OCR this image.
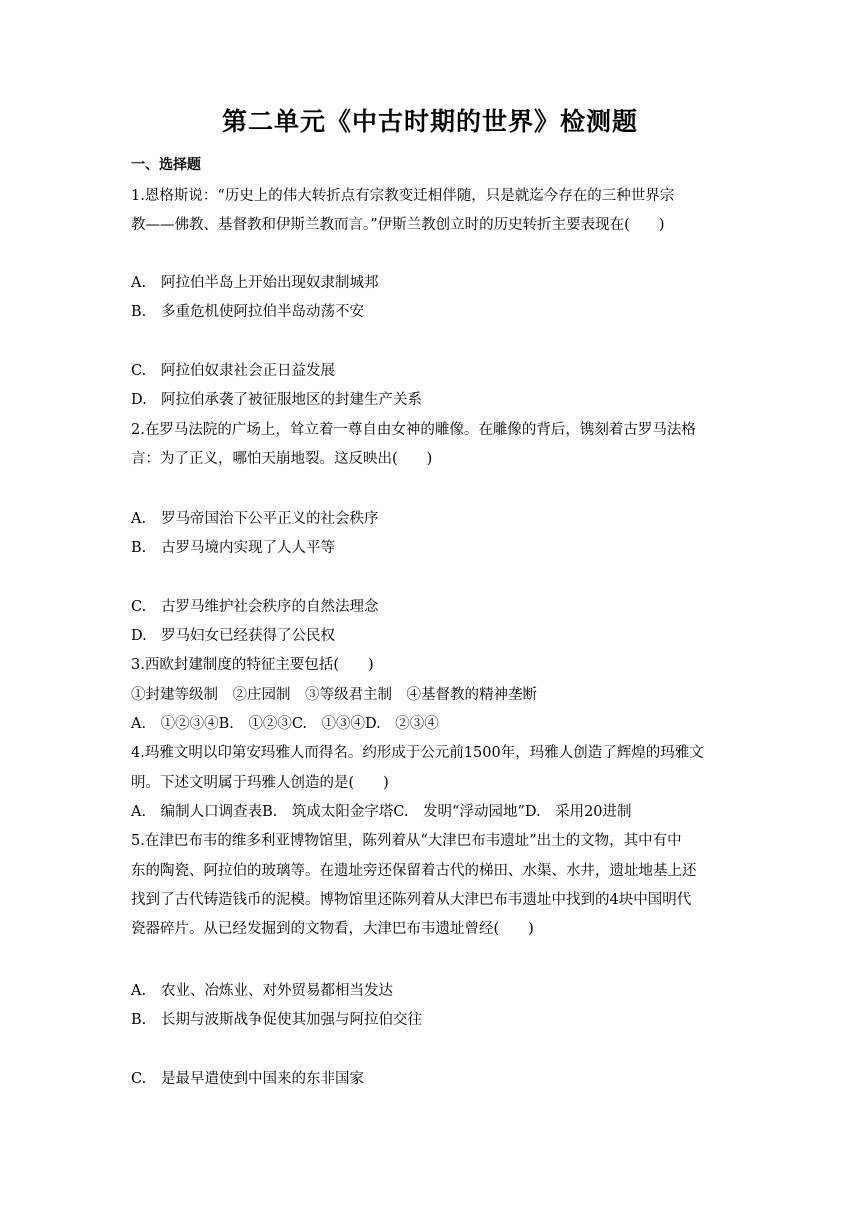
第二单元《中古时期的世界》检测题
一、选择题
1.恩格斯说：“历史上的伟大转折点有宗教变迁相伴随，只是就迄今存在的三种世界宗
教——佛教、基督教和伊斯兰教而言。”伊斯兰教创立时的历史转折主要表现在(　　)
A. 阿拉伯半岛上开始出现奴隶制城邦
B. 多重危机使阿拉伯半岛动荡不安
C. 阿拉伯奴隶社会正日益发展
D. 阿拉伯承袭了被征服地区的封建生产关系
2.在罗马法院的广场上，耸立着一尊自由女神的雕像。在雕像的背后，镌刻着古罗马法格
言：为了正义，哪怕天崩地裂。这反映出(　　)
A. 罗马帝国治下公平正义的社会秩序
B. 古罗马境内实现了人人平等
C. 古罗马维护社会秩序的自然法理念
D. 罗马妇女已经获得了公民权
3.西欧封建制度的特征主要包括(　　)
①封建等级制　②庄园制　③等级君主制　④基督教的精神垄断
A.　①②③④B.　①②③C.　①③④D.　②③④
4.玛雅文明以印第安玛雅人而得名。约形成于公元前1500年，玛雅人创造了辉煌的玛雅文
明。下述文明属于玛雅人创造的是(　　)
A.　编制人口调查表B.　筑成太阳金字塔C.　发明“浮动园地”D.　采用20进制
5.在津巴布韦的维多利亚博物馆里，陈列着从“大津巴布韦遗址”出土的文物，其中有中
东的陶瓷、阿拉伯的玻璃等。在遗址旁还保留着古代的梯田、水渠、水井，遗址地基上还
找到了古代铸造钱币的泥模。博物馆里还陈列着从大津巴布韦遗址中找到的4块中国明代
瓷器碎片。从已经发掘到的文物看，大津巴布韦遗址曾经(　　)
A. 农业、冶炼业、对外贸易都相当发达
B. 长期与波斯战争促使其加强与阿拉伯交往
C. 是最早遣使到中国来的东非国家
